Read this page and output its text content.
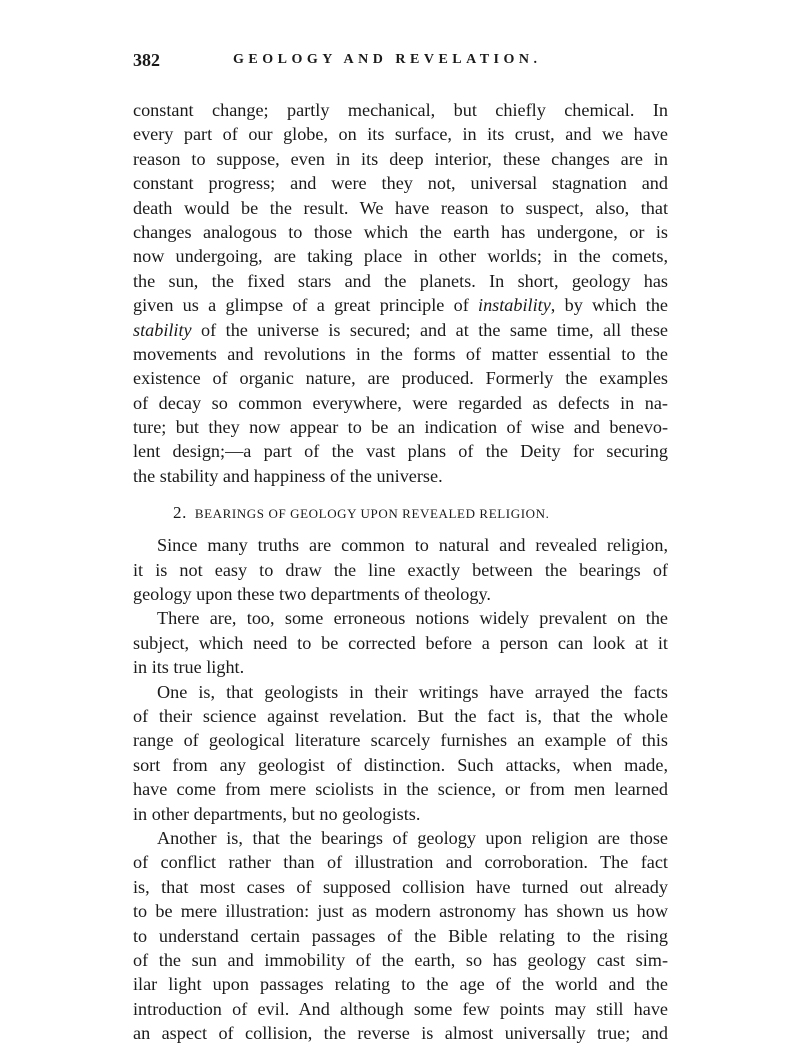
382	GEOLOGY AND REVELATION.
constant change; partly mechanical, but chiefly chemical. In
every part of our globe, on its surface, in its crust, and we have
reason to suppose, even in its deep interior, these changes are in
constant progress; and were they not, universal stagnation and
death would be the result. We have reason to suspect, also, that
changes analogous to those which the earth has undergone, or is
now undergoing, are taking place in other worlds; in the comets,
the sun, the fixed stars and the planets. In short, geology has
given us a glimpse of a great principle of instability, by which the
stability of the universe is secured; and at the same time, all these
movements and revolutions in the forms of matter essential to the
existence of organic nature, are produced. Formerly the examples
of decay so common everywhere, were regarded as defects in na-
ture; but they now appear to be an indication of wise and benevo-
lent design;—a part of the vast plans of the Deity for securing
the stability and happiness of the universe.
2. BEARINGS OF GEOLOGY UPON REVEALED RELIGION.
Since many truths are common to natural and revealed religion,
it is not easy to draw the line exactly between the bearings of
geology upon these two departments of theology.
There are, too, some erroneous notions widely prevalent on the
subject, which need to be corrected before a person can look at it
in its true light.
One is, that geologists in their writings have arrayed the facts
of their science against revelation. But the fact is, that the whole
range of geological literature scarcely furnishes an example of this
sort from any geologist of distinction. Such attacks, when made,
have come from mere sciolists in the science, or from men learned
in other departments, but no geologists.
Another is, that the bearings of geology upon religion are those
of conflict rather than of illustration and corroboration. The fact
is, that most cases of supposed collision have turned out already
to be mere illustration: just as modern astronomy has shown us how
to understand certain passages of the Bible relating to the rising
of the sun and immobility of the earth, so has geology cast sim-
ilar light upon passages relating to the age of the world and the
introduction of evil. And although some few points may still have
an aspect of collision, the reverse is almost universally true; and
